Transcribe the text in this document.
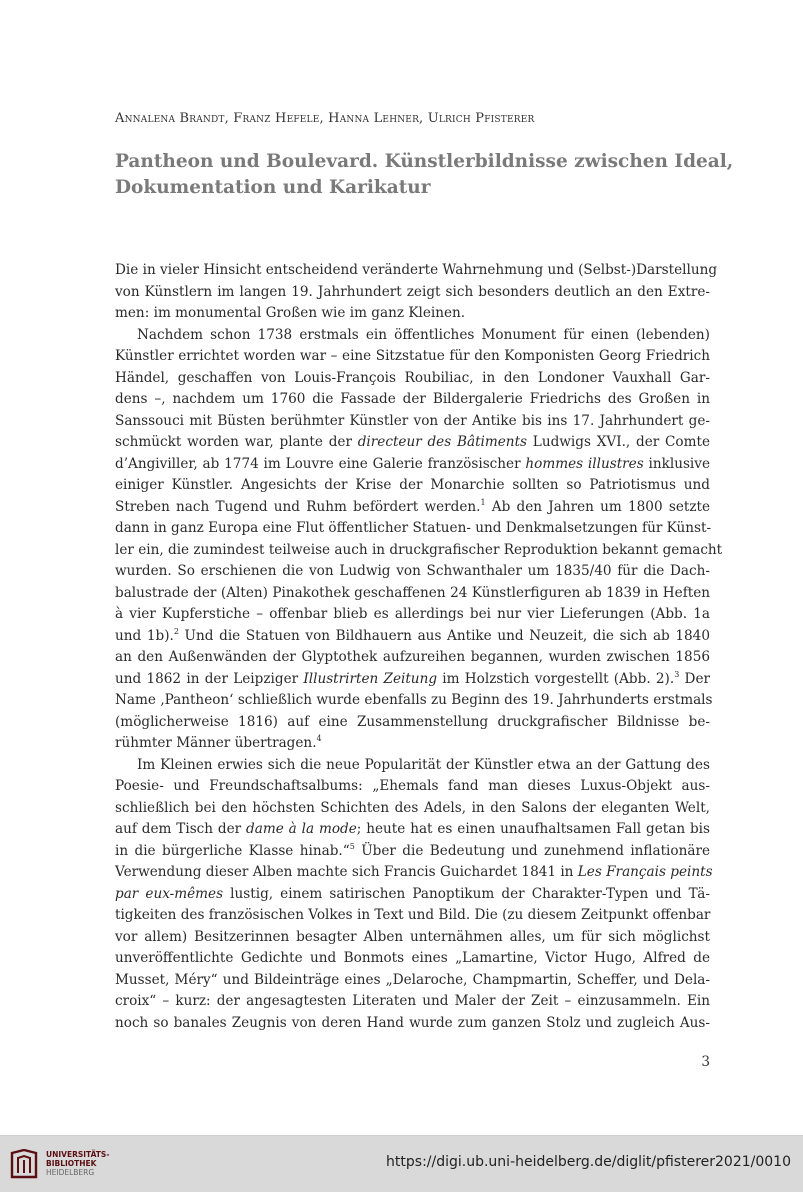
Annalena Brandt, Franz Hefele, Hanna Lehner, Ulrich Pfisterer
Pantheon und Boulevard. Künstlerbildnisse zwischen Ideal,
Dokumentation und Karikatur
Die in vieler Hinsicht entscheidend veränderte Wahrnehmung und (Selbst-)Darstellung
von Künstlern im langen 19. Jahrhundert zeigt sich besonders deutlich an den Extre-
men: im monumental Großen wie im ganz Kleinen.
Nachdem schon 1738 erstmals ein öffentliches Monument für einen (lebenden)
Künstler errichtet worden war – eine Sitzstatue für den Komponisten Georg Friedrich
Händel, geschaffen von Louis-François Roubiliac, in den Londoner Vauxhall Gar-
dens –, nachdem um 1760 die Fassade der Bildergalerie Friedrichs des Großen in
Sanssouci mit Büsten berühmter Künstler von der Antike bis ins 17. Jahrhundert ge-
schmückt worden war, plante der directeur des Bâtiments Ludwigs XVI., der Comte
d’Angiviller, ab 1774 im Louvre eine Galerie französischer hommes illustres inklusive
einiger Künstler. Angesichts der Krise der Monarchie sollten so Patriotismus und
Streben nach Tugend und Ruhm befördert werden.$^1$ Ab den Jahren um 1800 setzte
dann in ganz Europa eine Flut öffentlicher Statuen- und Denkmalsetzungen für Künst-
ler ein, die zumindest teilweise auch in druckgrafischer Reproduktion bekannt gemacht
wurden. So erschienen die von Ludwig von Schwanthaler um 1835/40 für die Dach-
balustrade der (Alten) Pinakothek geschaffenen 24 Künstlerfiguren ab 1839 in Heften
à vier Kupferstiche – offenbar blieb es allerdings bei nur vier Lieferungen (Abb. 1a
und 1b).$^2$ Und die Statuen von Bildhauern aus Antike und Neuzeit, die sich ab 1840
an den Außenwänden der Glyptothek aufzureihen begannen, wurden zwischen 1856
und 1862 in der Leipziger Illustrirten Zeitung im Holzstich vorgestellt (Abb. 2).$^3$ Der
Name ‚Pantheon‘ schließlich wurde ebenfalls zu Beginn des 19. Jahrhunderts erstmals
(möglicherweise 1816) auf eine Zusammenstellung druckgrafischer Bildnisse be-
rühmter Männer übertragen.$^4$
Im Kleinen erwies sich die neue Popularität der Künstler etwa an der Gattung des
Poesie- und Freundschaftsalbums: „Ehemals fand man dieses Luxus-Objekt aus-
schließlich bei den höchsten Schichten des Adels, in den Salons der eleganten Welt,
auf dem Tisch der dame à la mode; heute hat es einen unaufhaltsamen Fall getan bis
in die bürgerliche Klasse hinab.“$^5$ Über die Bedeutung und zunehmend inflationäre
Verwendung dieser Alben machte sich Francis Guichardet 1841 in Les Français peints
par eux-mêmes lustig, einem satirischen Panoptikum der Charakter-Typen und Tä-
tigkeiten des französischen Volkes in Text und Bild. Die (zu diesem Zeitpunkt offenbar
vor allem) Besitzerinnen besagter Alben unternähmen alles, um für sich möglichst
unveröffentlichte Gedichte und Bonmots eines „Lamartine, Victor Hugo, Alfred de
Musset, Méry“ und Bildeinträge eines „Delaroche, Champmartin, Scheffer, und Dela-
croix“ – kurz: der angesagtesten Literaten und Maler der Zeit – einzusammeln. Ein
noch so banales Zeugnis von deren Hand wurde zum ganzen Stolz und zugleich Aus-
3
UNIVERSITÄTS-
BIBLIOTHEK
HEIDELBERG
https://digi.ub.uni-heidelberg.de/diglit/pfisterer2021/0010
